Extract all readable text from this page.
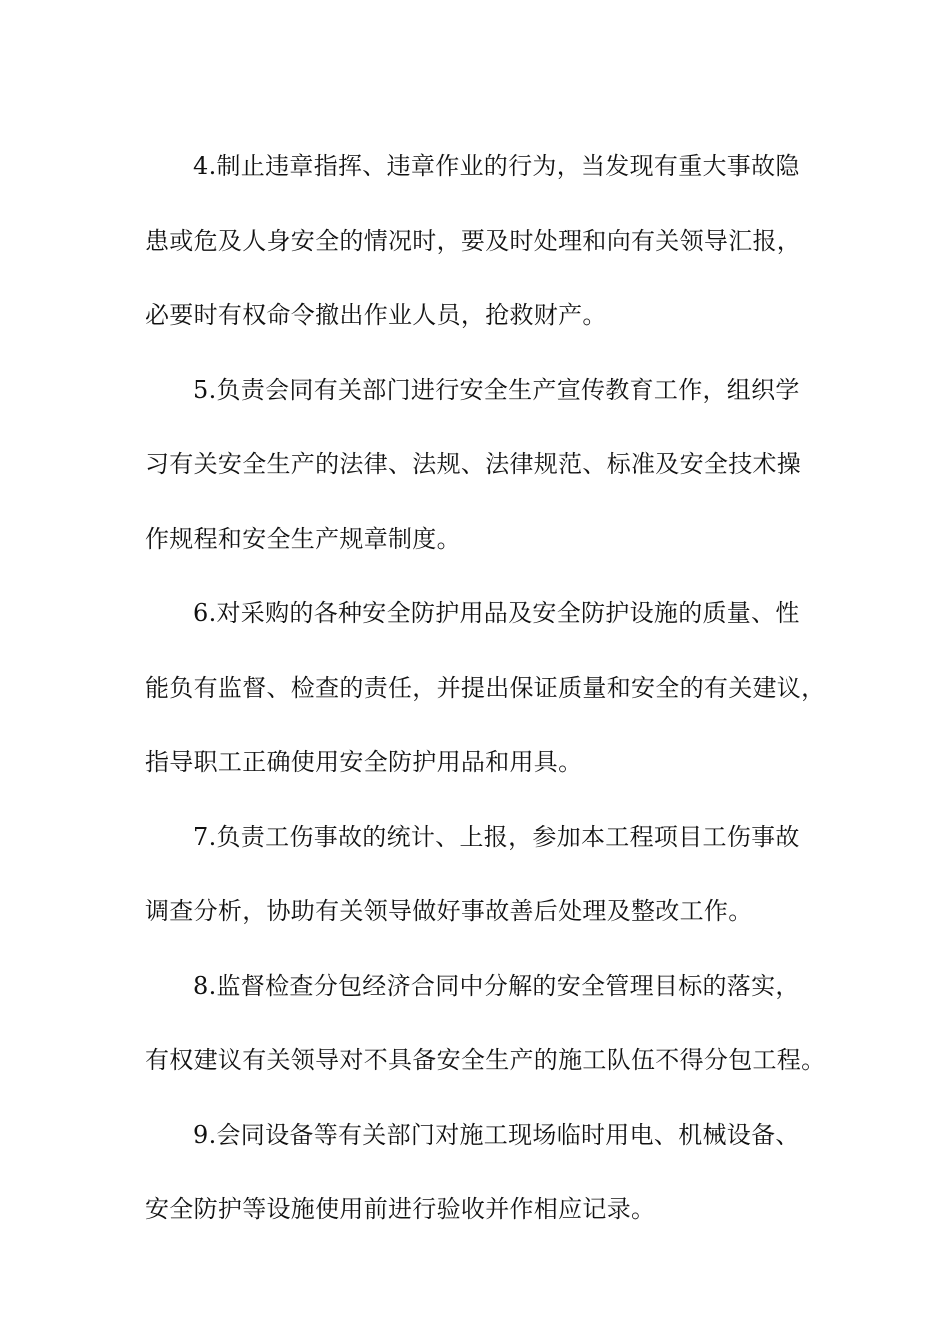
4.制止违章指挥、违章作业的行为，当发现有重大事故隐
患或危及人身安全的情况时，要及时处理和向有关领导汇报，
必要时有权命令撤出作业人员，抢救财产。
5.负责会同有关部门进行安全生产宣传教育工作，组织学
习有关安全生产的法律、法规、法律规范、标准及安全技术操
作规程和安全生产规章制度。
6.对采购的各种安全防护用品及安全防护设施的质量、性
能负有监督、检查的责任，并提出保证质量和安全的有关建议，
指导职工正确使用安全防护用品和用具。
7.负责工伤事故的统计、上报，参加本工程项目工伤事故
调查分析，协助有关领导做好事故善后处理及整改工作。
8.监督检查分包经济合同中分解的安全管理目标的落实，
有权建议有关领导对不具备安全生产的施工队伍不得分包工程。
9.会同设备等有关部门对施工现场临时用电、机械设备、
安全防护等设施使用前进行验收并作相应记录。
